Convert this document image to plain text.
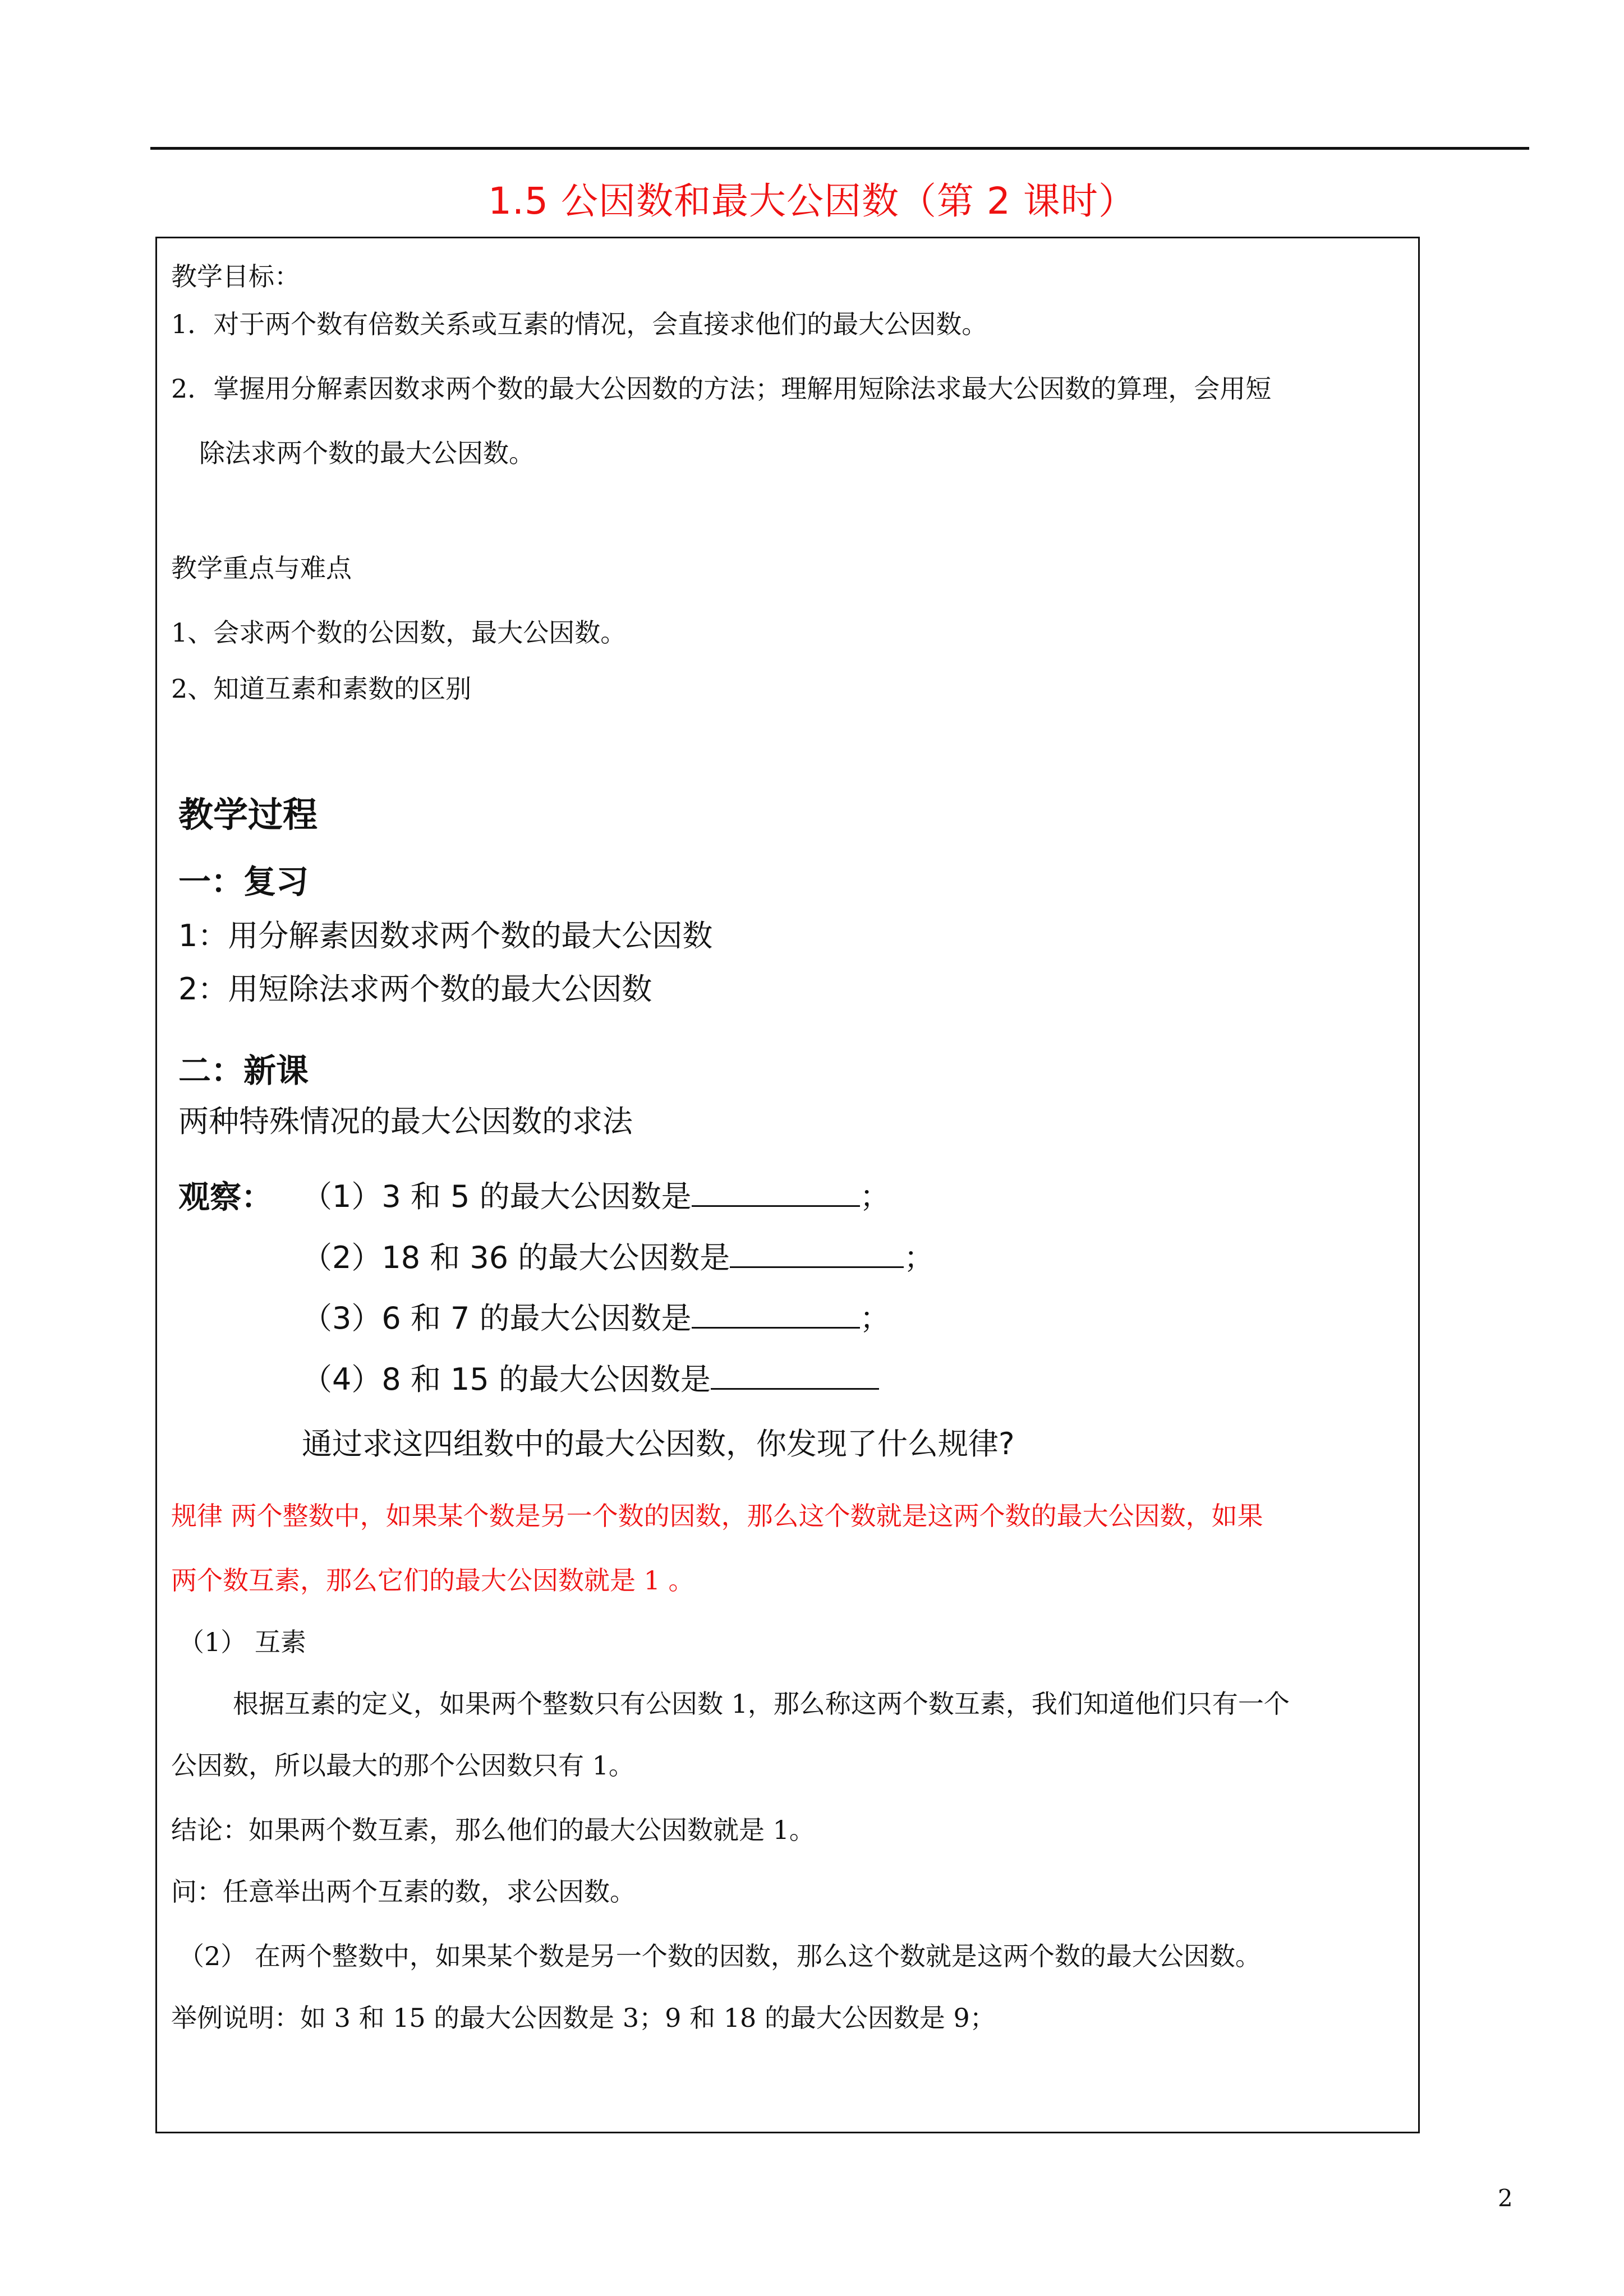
1.5 公因数和最大公因数（第 2 课时）
教学目标：
1．对于两个数有倍数关系或互素的情况，会直接求他们的最大公因数。
2．掌握用分解素因数求两个数的最大公因数的方法；理解用短除法求最大公因数的算理，会用短
除法求两个数的最大公因数。
教学重点与难点
1、会求两个数的公因数，最大公因数。
2、知道互素和素数的区别
教学过程
一：复习
1：用分解素因数求两个数的最大公因数
2：用短除法求两个数的最大公因数
二：新课
两种特殊情况的最大公因数的求法
观察： （1）3 和 5 的最大公因数是	；
（2）18 和 36 的最大公因数是	；
（3）6 和 7 的最大公因数是	；
（4）8 和 15 的最大公因数是
通过求这四组数中的最大公因数，你发现了什么规律?
规律 两个整数中，如果某个数是另一个数的因数，那么这个数就是这两个数的最大公因数，如果
两个数互素，那么它们的最大公因数就是 1 。
（1） 互素
根据互素的定义，如果两个整数只有公因数 1，那么称这两个数互素，我们知道他们只有一个
公因数，所以最大的那个公因数只有 1。
结论：如果两个数互素，那么他们的最大公因数就是 1。
问：任意举出两个互素的数，求公因数。
（2） 在两个整数中，如果某个数是另一个数的因数，那么这个数就是这两个数的最大公因数。
举例说明：如 3 和 15 的最大公因数是 3；9 和 18 的最大公因数是 9；
2
